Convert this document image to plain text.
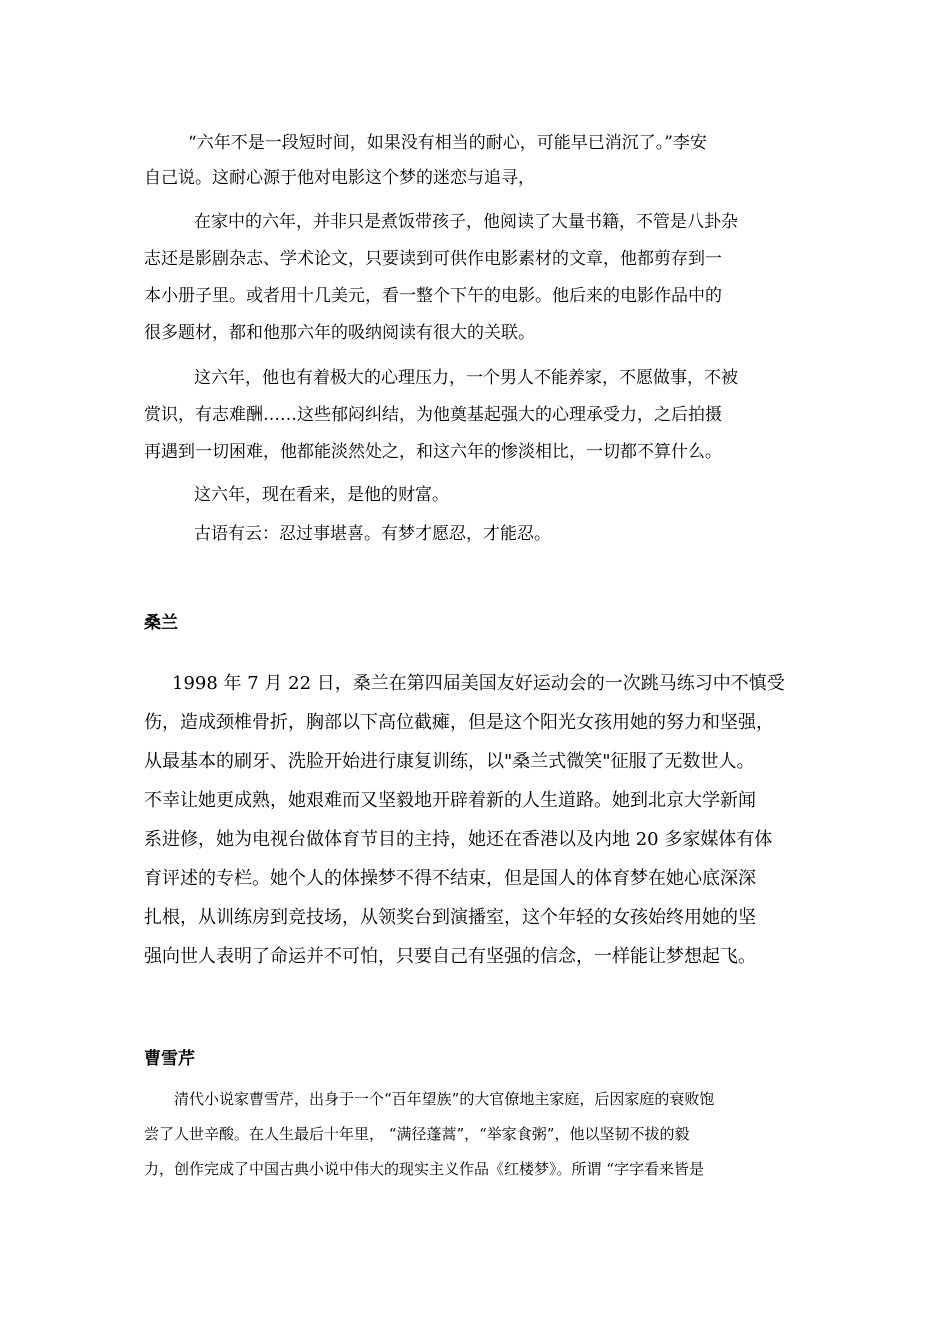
“六年不是一段短时间，如果没有相当的耐心，可能早已消沉了。”李安
自己说。这耐心源于他对电影这个梦的迷恋与追寻，
在家中的六年，并非只是煮饭带孩子，他阅读了大量书籍，不管是八卦杂
志还是影剧杂志、学术论文，只要读到可供作电影素材的文章，他都剪存到一
本小册子里。或者用十几美元，看一整个下午的电影。他后来的电影作品中的
很多题材，都和他那六年的吸纳阅读有很大的关联。
这六年，他也有着极大的心理压力，一个男人不能养家，不愿做事，不被
赏识，有志难酬……这些郁闷纠结，为他奠基起强大的心理承受力，之后拍摄
再遇到一切困难，他都能淡然处之，和这六年的惨淡相比，一切都不算什么。
这六年，现在看来，是他的财富。
古语有云：忍过事堪喜。有梦才愿忍，才能忍。
桑兰
1998 年 7 月 22 日，桑兰在第四届美国友好运动会的一次跳马练习中不慎受
伤，造成颈椎骨折，胸部以下高位截瘫，但是这个阳光女孩用她的努力和坚强，
从最基本的刷牙、洗脸开始进行康复训练，以"桑兰式微笑"征服了无数世人。
不幸让她更成熟，她艰难而又坚毅地开辟着新的人生道路。她到北京大学新闻
系进修，她为电视台做体育节目的主持，她还在香港以及内地 20 多家媒体有体
育评述的专栏。她个人的体操梦不得不结束，但是国人的体育梦在她心底深深
扎根，从训练房到竞技场，从领奖台到演播室，这个年轻的女孩始终用她的坚
强向世人表明了命运并不可怕，只要自己有坚强的信念，一样能让梦想起飞。
曹雪芹
清代小说家曹雪芹，出身于一个“百年望族”的大官僚地主家庭，后因家庭的衰败饱
尝了人世辛酸。在人生最后十年里， “满径蓬蒿”，“举家食粥”，他以坚韧不拔的毅
力，创作完成了中国古典小说中伟大的现实主义作品《红楼梦》。所谓 “字字看来皆是
